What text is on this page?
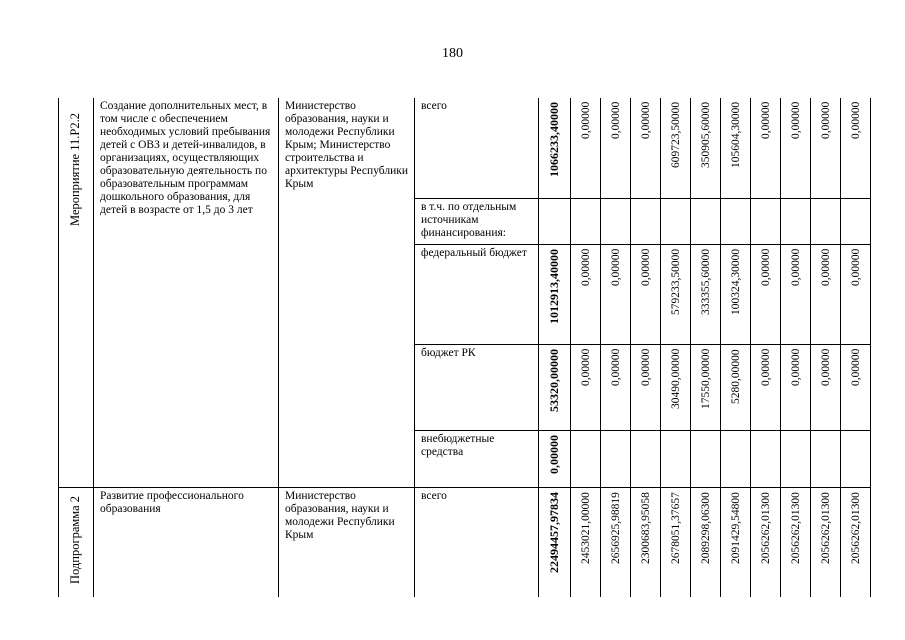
180
Мероприятие 11.Р2.2	Создание дополнительных мест, в том числе с обеспечением необходимых условий пребывания детей с ОВЗ и детей-инвалидов, в организациях, осуществляющих образовательную деятельность по образовательным программам дошкольного образования, для детей в возрасте от 1,5 до 3 лет	Министерство образования, науки и молодежи Республики Крым; Министерство строительства и архитектуры Республики Крым	всего	1066233,40000	0,00000	0,00000	0,00000	609723,50000	350905,60000	105604,30000	0,00000	0,00000	0,00000	0,00000

			в т.ч. по отдельным источникам финансирования:											

			федеральный бюджет	1012913,40000	0,00000	0,00000	0,00000	579233,50000	333355,60000	100324,30000	0,00000	0,00000	0,00000	0,00000

			бюджет РК	53320,00000	0,00000	0,00000	0,00000	30490,00000	17550,00000	5280,00000	0,00000	0,00000	0,00000	0,00000

			внебюджетные средства	0,00000										

Подпрограмма 2	Развитие профессионального образования	Министерство образования, науки и молодежи Республики Крым	всего	22494457,97834	2453021,00000	2656925,98819	2300683,95058	2678051,37657	2089298,06300	2091429,54800	2056262,01300	2056262,01300	2056262,01300	2056262,01300
